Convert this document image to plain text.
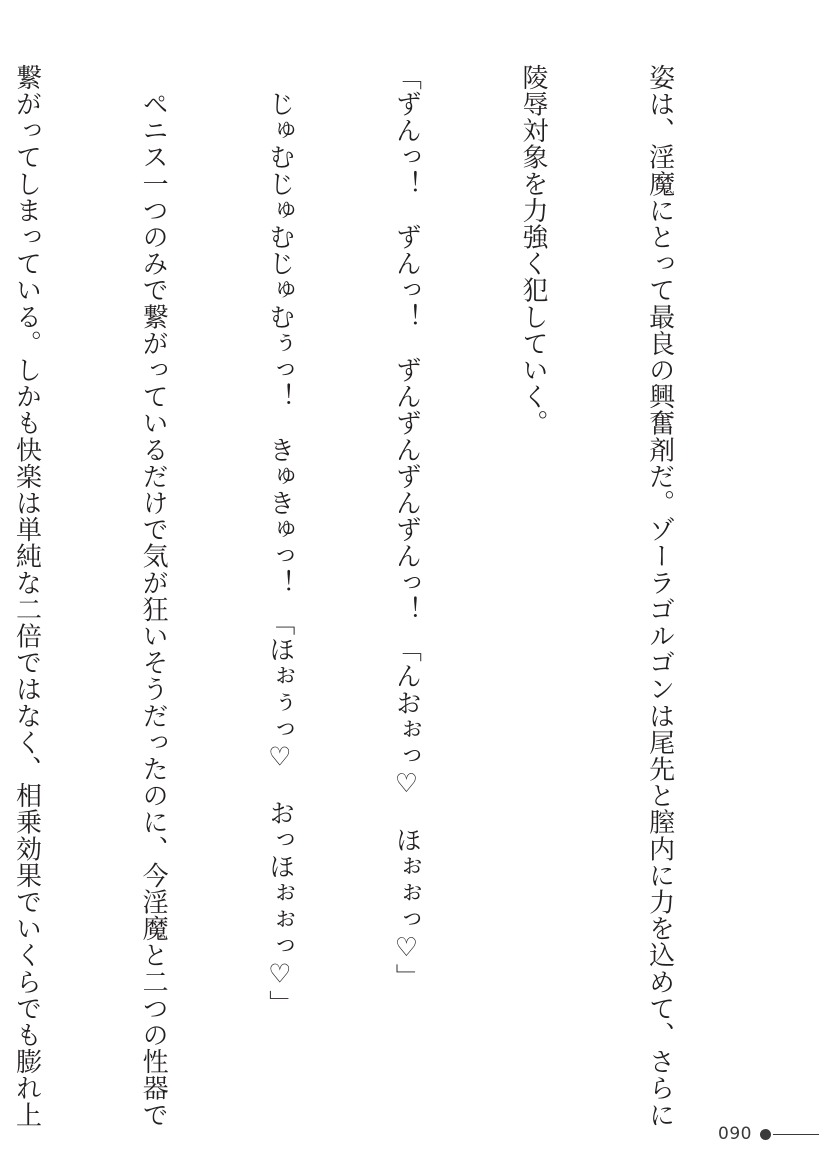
姿は、淫魔にとって最良の興奮剤だ。ゾーラゴルゴンは尾先と膣内に力を込めて、さらに

陵辱対象を力強く犯していく。

「ずんっ！　ずんっ！　ずんずんずんずんっ！　「んおぉっ♡　ほぉぉっ♡」

　じゅむじゅむじゅむぅっ！　きゅきゅっ！　「ほぉぅっ♡　おっほぉぉっ♡」

　ペニス一つのみで繋がっているだけで気が狂いそうだったのに、今淫魔と二つの性器で

繋がってしまっている。しかも快楽は単純な二倍ではなく、相乗効果でいくらでも膨れ上

090
